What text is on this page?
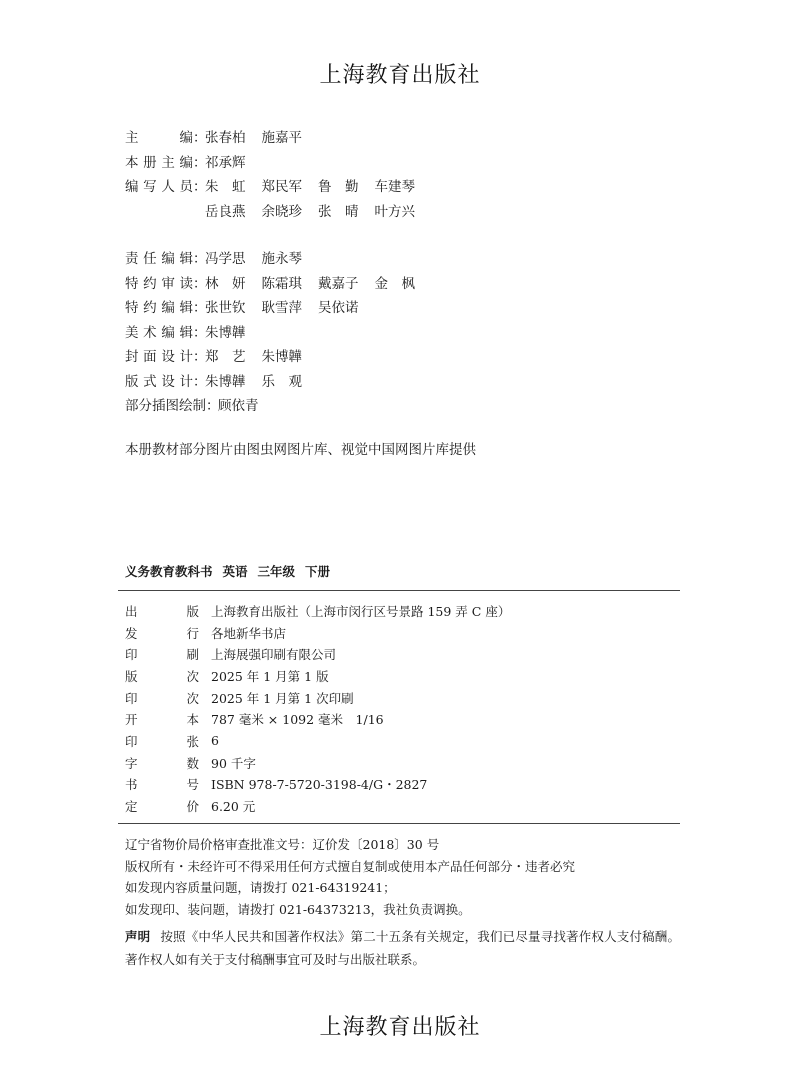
上海教育出版社
主　编 ：
张春柏 施嘉平
本册主编 ：
祁承辉
编写人员 ：
朱　虹 郑民军 鲁　勤 车建琴
岳良燕 余晓珍 张　晴 叶方兴
责任编辑 ：
冯学思 施永琴
特约审读 ：
林　妍 陈霜琪 戴嘉子 金　枫
特约编辑 ：
张世钦 耿雪萍 吴依诺
美术编辑 ：
朱博韡
封面设计 ：
郑　艺 朱博韡
版式设计 ：
朱博韡 乐　观
部分插图绘制 ：
顾依青
本册教材部分图片由图虫网图片库、视觉中国网图片库提供
义务教育教科书 英语 三年级 下册
出	版 上海教育出版社（上海市闵行区号景路 159 弄 C 座）
发	行 各地新华书店
印	刷 上海展强印刷有限公司
版	次 2025 年 1 月第 1 版
印	次 2025 年 1 月第 1 次印刷
开	本 787 毫米 × 1092 毫米　1/16
印	张 6
字	数 90 千字
书	号 ISBN 978-7-5720-3198-4/G・2827
定	价 6.20 元
辽宁省物价局价格审查批准文号：辽价发〔2018〕30 号
版权所有・未经许可不得采用任何方式擅自复制或使用本产品任何部分・违者必究
如发现内容质量问题，请拨打 021-64319241；
如发现印、装问题，请拨打 021-64373213，我社负责调换。
声明 按照《中华人民共和国著作权法》第二十五条有关规定，我们已尽量寻找著作权人支付稿酬。著作权人如有关于支付稿酬事宜可及时与出版社联系。
上海教育出版社
